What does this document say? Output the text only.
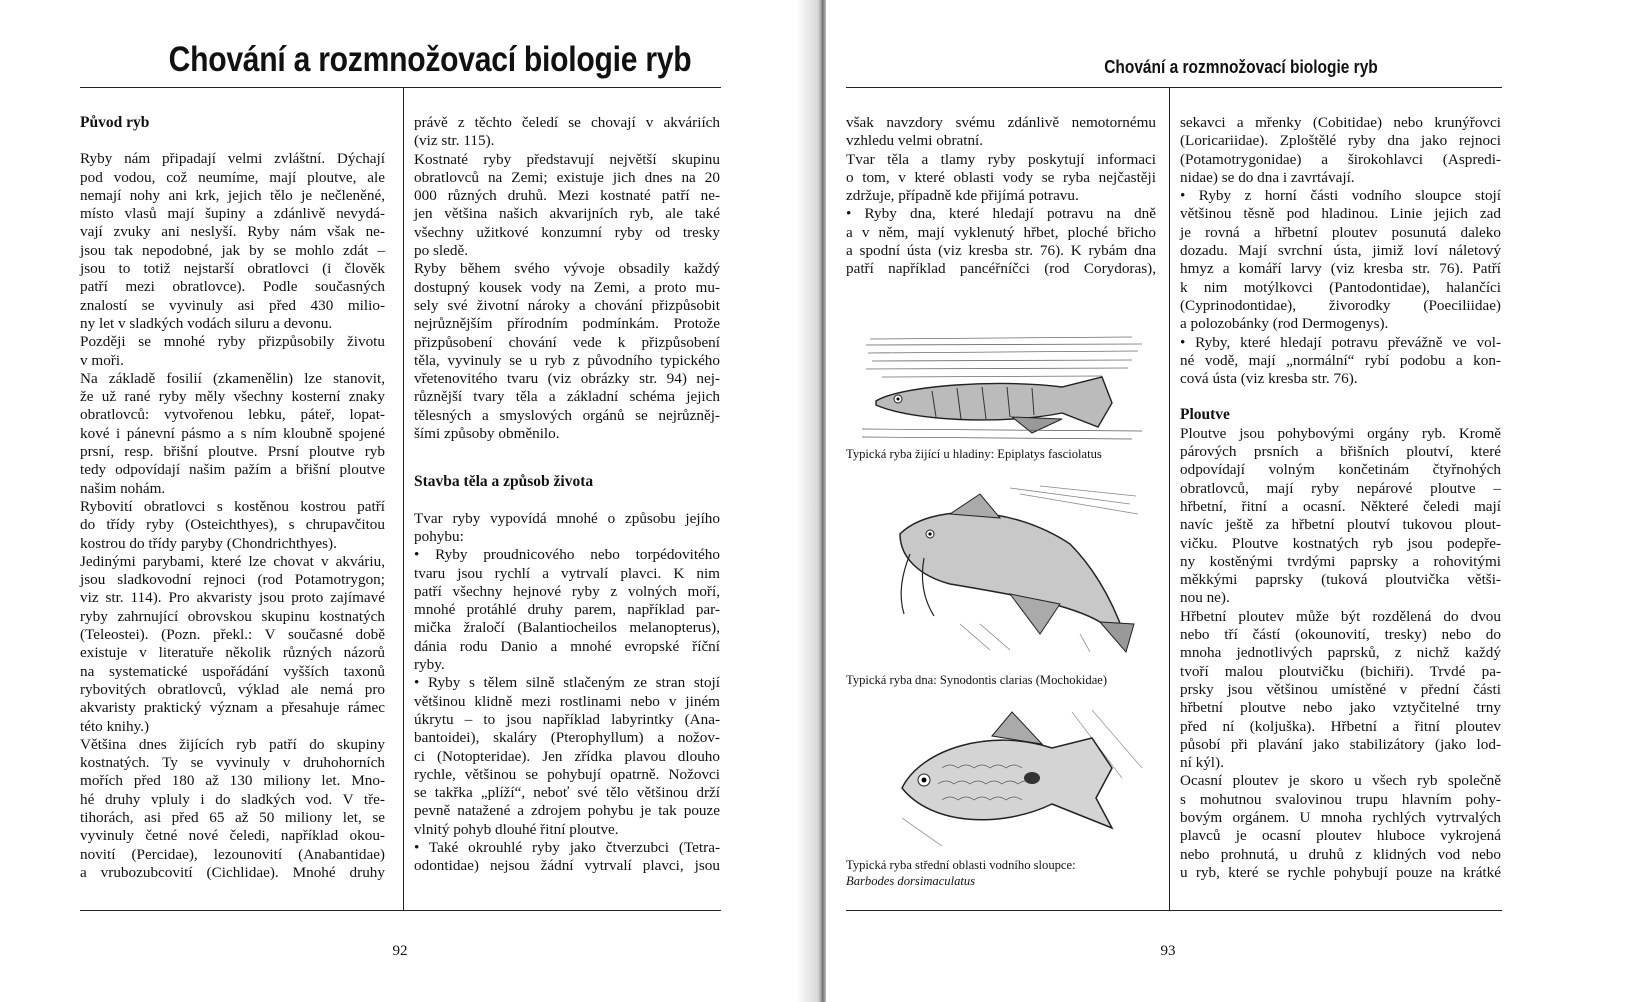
Chování a rozmnožovací biologie ryb

Původ ryb

Ryby nám připadají velmi zvláštní. Dýchají

pod vodou, což neumíme, mají ploutve, ale

nemají nohy ani krk, jejich tělo je nečleněné,

místo vlasů mají šupiny a zdánlivě nevydá-

vají zvuky ani neslyší. Ryby nám však ne-

jsou tak nepodobné, jak by se mohlo zdát –

jsou to totiž nejstarší obratlovci (i člověk

patří mezi obratlovce). Podle současných

znalostí se vyvinuly asi před 430 milio-

ny let v sladkých vodách siluru a devonu.

Později se mnohé ryby přizpůsobily životu

v moři.

Na základě fosilií (zkamenělin) lze stanovit,

že už rané ryby měly všechny kosterní znaky

obratlovců: vytvořenou lebku, páteř, lopat-

kové i pánevní pásmo a s ním kloubně spojené

prsní, resp. břišní ploutve. Prsní ploutve ryb

tedy odpovídají našim pažím a břišní ploutve

našim nohám.

Rybovití obratlovci s kostěnou kostrou patří

do třídy ryby (Osteichthyes), s chrupavčitou

kostrou do třídy paryby (Chondrichthyes).

Jedinými parybami, které lze chovat v akváriu,

jsou sladkovodní rejnoci (rod Potamotrygon;

viz str. 114). Pro akvaristy jsou proto zajímavé

ryby zahrnující obrovskou skupinu kostnatých

(Teleostei). (Pozn. překl.: V současné době

existuje v literatuře několik různých názorů

na systematické uspořádání vyšších taxonů

rybovitých obratlovců, výklad ale nemá pro

akvaristy praktický význam a přesahuje rámec

této knihy.)

Většina dnes žijících ryb patří do skupiny

kostnatých. Ty se vyvinuly v druhohorních

mořích před 180 až 130 miliony let. Mno-

hé druhy vpluly i do sladkých vod. V tře-

tihorách, asi před 65 až 50 miliony let, se

vyvinuly četné nové čeledi, například okou-

novití (Percidae), lezounovití (Anabantidae)

a vrubozubcovití (Cichlidae). Mnohé druhy

právě z těchto čeledí se chovají v akváriích

(viz str. 115).

Kostnaté ryby představují největší skupinu

obratlovců na Zemi; existuje jich dnes na 20

000 různých druhů. Mezi kostnaté patří ne-

jen většina našich akvarijních ryb, ale také

všechny užitkové konzumní ryby od tresky

po sledě.

Ryby během svého vývoje obsadily každý

dostupný kousek vody na Zemi, a proto mu-

sely své životní nároky a chování přizpůsobit

nejrůznějším přírodním podmínkám. Protože

přizpůsobení chování vede k přizpůsobení

těla, vyvinuly se u ryb z původního typického

vřetenovitého tvaru (viz obrázky str. 94) nej-

různější tvary těla a základní schéma jejich

tělesných a smyslových orgánů se nejrůzněj-

šími způsoby obměnilo.

Stavba těla a způsob života

Tvar ryby vypovídá mnohé o způsobu jejího

pohybu:

• Ryby proudnicového nebo torpédovitého

tvaru jsou rychlí a vytrvalí plavci. K nim

patří všechny hejnové ryby z volných moří,

mnohé protáhlé druhy parem, například par-

mička žraločí (Balantiocheilos melanopterus),

dánia rodu Danio a mnohé evropské říční

ryby.

• Ryby s tělem silně stlačeným ze stran stojí

většinou klidně mezi rostlinami nebo v jiném

úkrytu – to jsou například labyrintky (Ana-

bantoidei), skaláry (Pterophyllum) a nožov-

ci (Notopteridae). Jen zřídka plavou dlouho

rychle, většinou se pohybují opatrně. Nožovci

se takřka „plíží“, neboť své tělo většinou drží

pevně natažené a zdrojem pohybu je tak pouze

vlnitý pohyb dlouhé řitní ploutve.

• Také okrouhlé ryby jako čtverzubci (Tetra-

odontidae) nejsou žádní vytrvalí plavci, jsou

92
Chování a rozmnožovací biologie ryb

však navzdory svému zdánlivě nemotornému

vzhledu velmi obratní.

Tvar těla a tlamy ryby poskytují informaci

o tom, v které oblasti vody se ryba nejčastěji

zdržuje, případně kde přijímá potravu.

• Ryby dna, které hledají potravu na dně

a v něm, mají vyklenutý hřbet, ploché břicho

a spodní ústa (viz kresba str. 76). K rybám dna

patří například pancéřníčci (rod Corydoras),

Typická ryba žijící u hladiny: Epiplatys fasciolatus
Typická ryba dna: Synodontis clarias (Mochokidae)
Typická ryba střední oblasti vodního sloupce:
Barbodes dorsimaculatus

sekavci a mřenky (Cobitidae) nebo krunýřovci

(Loricariidae). Zploštělé ryby dna jako rejnoci

(Potamotrygonidae) a širokohlavci (Aspredi-

nidae) se do dna i zavrtávají.

• Ryby z horní části vodního sloupce stojí

většinou těsně pod hladinou. Linie jejich zad

je rovná a hřbetní ploutev posunutá daleko

dozadu. Mají svrchní ústa, jimiž loví náletový

hmyz a komáří larvy (viz kresba str. 76). Patří

k nim motýlkovci (Pantodontidae), halančíci

(Cyprinodontidae), živorodky (Poeciliidae)

a polozobánky (rod Dermogenys).

• Ryby, které hledají potravu převážně ve vol-

né vodě, mají „normální“ rybí podobu a kon-

cová ústa (viz kresba str. 76).

Ploutve

Ploutve jsou pohybovými orgány ryb. Kromě

párových prsních a břišních ploutví, které

odpovídají volným končetinám čtyřnohých

obratlovců, mají ryby nepárové ploutve –

hřbetní, řitní a ocasní. Některé čeledi mají

navíc ještě za hřbetní ploutví tukovou plout-

vičku. Ploutve kostnatých ryb jsou podepře-

ny kostěnými tvrdými paprsky a rohovitými

měkkými paprsky (tuková ploutvička větši-

nou ne).

Hřbetní ploutev může být rozdělená do dvou

nebo tří částí (okounovití, tresky) nebo do

mnoha jednotlivých paprsků, z nichž každý

tvoří malou ploutvičku (bichiři). Trvdé pa-

prsky jsou většinou umístěné v přední části

hřbetní ploutve nebo jako vztyčitelné trny

před ní (koljuška). Hřbetní a řitní ploutev

působí při plavání jako stabilizátory (jako lod-

ní kýl).

Ocasní ploutev je skoro u všech ryb společně

s mohutnou svalovinou trupu hlavním pohy-

bovým orgánem. U mnoha rychlých vytrvalých

plavců je ocasní ploutev hluboce vykrojená

nebo prohnutá, u druhů z klidných vod nebo

u ryb, které se rychle pohybují pouze na krátké

93
